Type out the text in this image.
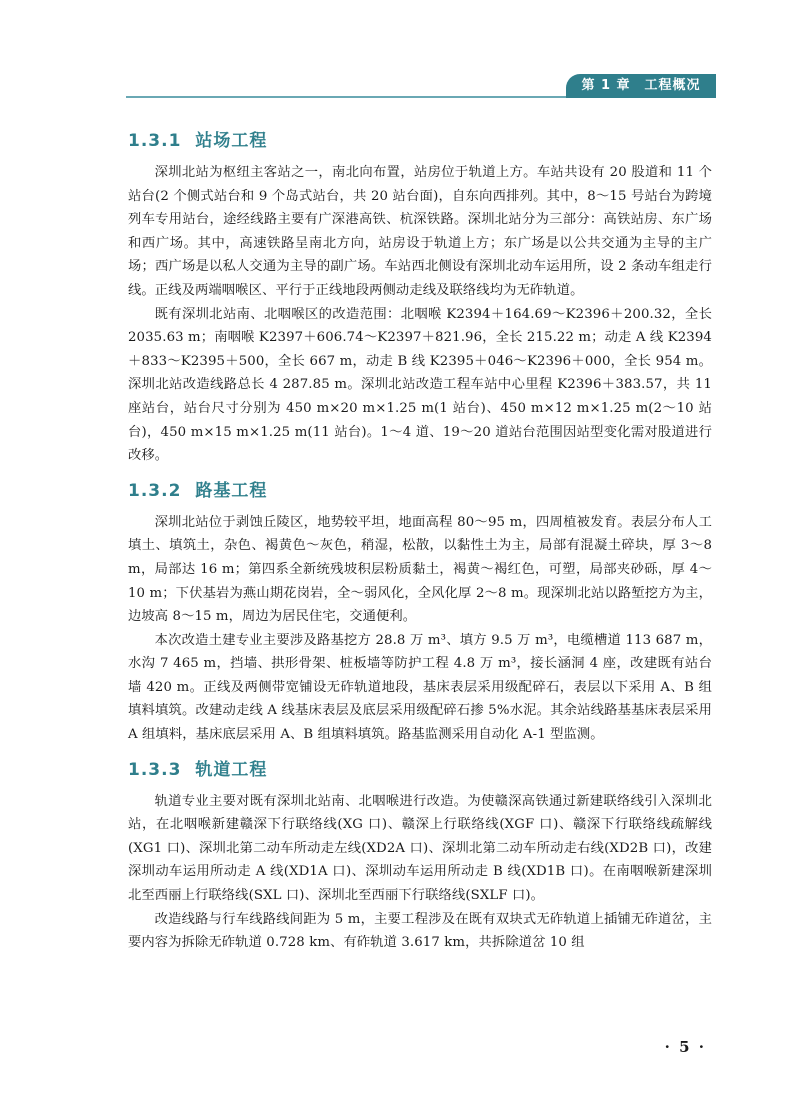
第 1 章　工程概况
1.3.1 站场工程

深圳北站为枢纽主客站之一，南北向布置，站房位于轨道上方。车站共设有 20 股道和 11 个站台(2 个侧式站台和 9 个岛式站台，共 20 站台面)，自东向西排列。其中，8～15 号站台为跨境列车专用站台，途经线路主要有广深港高铁、杭深铁路。深圳北站分为三部分：高铁站房、东广场和西广场。其中，高速铁路呈南北方向，站房设于轨道上方；东广场是以公共交通为主导的主广场；西广场是以私人交通为主导的副广场。车站西北侧设有深圳北动车运用所，设 2 条动车组走行线。正线及两端咽喉区、平行于正线地段两侧动走线及联络线均为无砟轨道。

既有深圳北站南、北咽喉区的改造范围：北咽喉 K2394＋164.69～K2396＋200.32，全长 2035.63 m；南咽喉 K2397＋606.74～K2397＋821.96，全长 215.22 m；动走 A 线 K2394＋833～K2395＋500，全长 667 m，动走 B 线 K2395＋046～K2396＋000，全长 954 m。深圳北站改造线路总长 4 287.85 m。深圳北站改造工程车站中心里程 K2396＋383.57，共 11 座站台，站台尺寸分别为 450 m×20 m×1.25 m(1 站台)、450 m×12 m×1.25 m(2～10 站台)，450 m×15 m×1.25 m(11 站台)。1～4 道、19～20 道站台范围因站型变化需对股道进行改移。

1.3.2 路基工程

深圳北站位于剥蚀丘陵区，地势较平坦，地面高程 80～95 m，四周植被发育。表层分布人工填土、填筑土，杂色、褐黄色～灰色，稍湿，松散，以黏性土为主，局部有混凝土碎块，厚 3～8 m，局部达 16 m；第四系全新统残坡积层粉质黏土，褐黄～褐红色，可塑，局部夹砂砾，厚 4～10 m；下伏基岩为燕山期花岗岩，全～弱风化，全风化厚 2～8 m。现深圳北站以路堑挖方为主，边坡高 8～15 m，周边为居民住宅，交通便利。

本次改造土建专业主要涉及路基挖方 28.8 万 m³、填方 9.5 万 m³，电缆槽道 113 687 m，水沟 7 465 m，挡墙、拱形骨架、桩板墙等防护工程 4.8 万 m³，接长涵洞 4 座，改建既有站台墙 420 m。正线及两侧带宽铺设无砟轨道地段，基床表层采用级配碎石，表层以下采用 A、B 组填料填筑。改建动走线 A 线基床表层及底层采用级配碎石掺 5%水泥。其余站线路基基床表层采用 A 组填料，基床底层采用 A、B 组填料填筑。路基监测采用自动化 A-1 型监测。

1.3.3 轨道工程

轨道专业主要对既有深圳北站南、北咽喉进行改造。为使赣深高铁通过新建联络线引入深圳北站，在北咽喉新建赣深下行联络线(XG 口)、赣深上行联络线(XGF 口)、赣深下行联络线疏解线(XG1 口)、深圳北第二动车所动走左线(XD2A 口)、深圳北第二动车所动走右线(XD2B 口)，改建深圳动车运用所动走 A 线(XD1A 口)、深圳动车运用所动走 B 线(XD1B 口)。在南咽喉新建深圳北至西丽上行联络线(SXL 口)、深圳北至西丽下行联络线(SXLF 口)。

改造线路与行车线路线间距为 5 m，主要工程涉及在既有双块式无砟轨道上插铺无砟道岔，主要内容为拆除无砟轨道 0.728 km、有砟轨道 3.617 km，共拆除道岔 10 组

· 5 ·
